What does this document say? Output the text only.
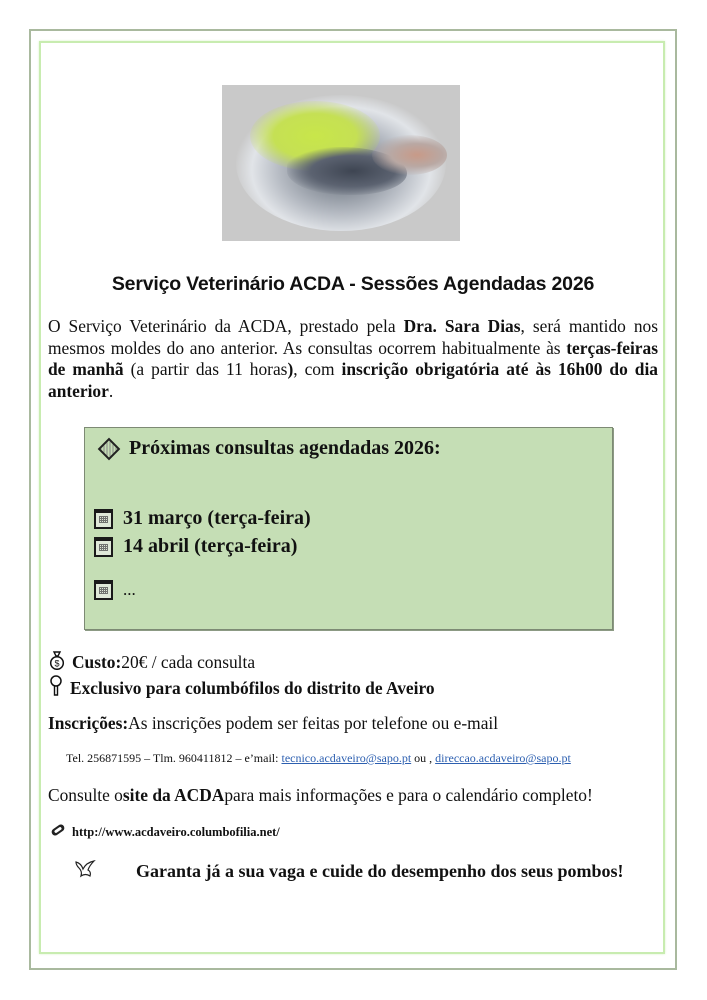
Serviço Veterinário ACDA - Sessões Agendadas 2026
O Serviço Veterinário da ACDA, prestado pela Dra. Sara Dias, será mantido nos mesmos moldes do ano anterior. As consultas ocorrem habitualmente às terças-feiras de manhã (a partir das 11 horas), com inscrição obrigatória até às 16h00 do dia anterior.
Próximas consultas agendadas 2026:
31 março (terça-feira)
14 abril (terça-feira)
...
$ Custo: 20€ / cada consulta
Exclusivo para columbófilos do distrito de Aveiro
Inscrições: As inscrições podem ser feitas por telefone ou e-mail
Tel. 256871595 – Tlm. 960411812 – e’mail: tecnico.acdaveiro@sapo.pt ou , direccao.acdaveiro@sapo.pt
Consulte o site da ACDA para mais informações e para o calendário completo!
http://www.acdaveiro.columbofilia.net/
Garanta já a sua vaga e cuide do desempenho dos seus pombos!
